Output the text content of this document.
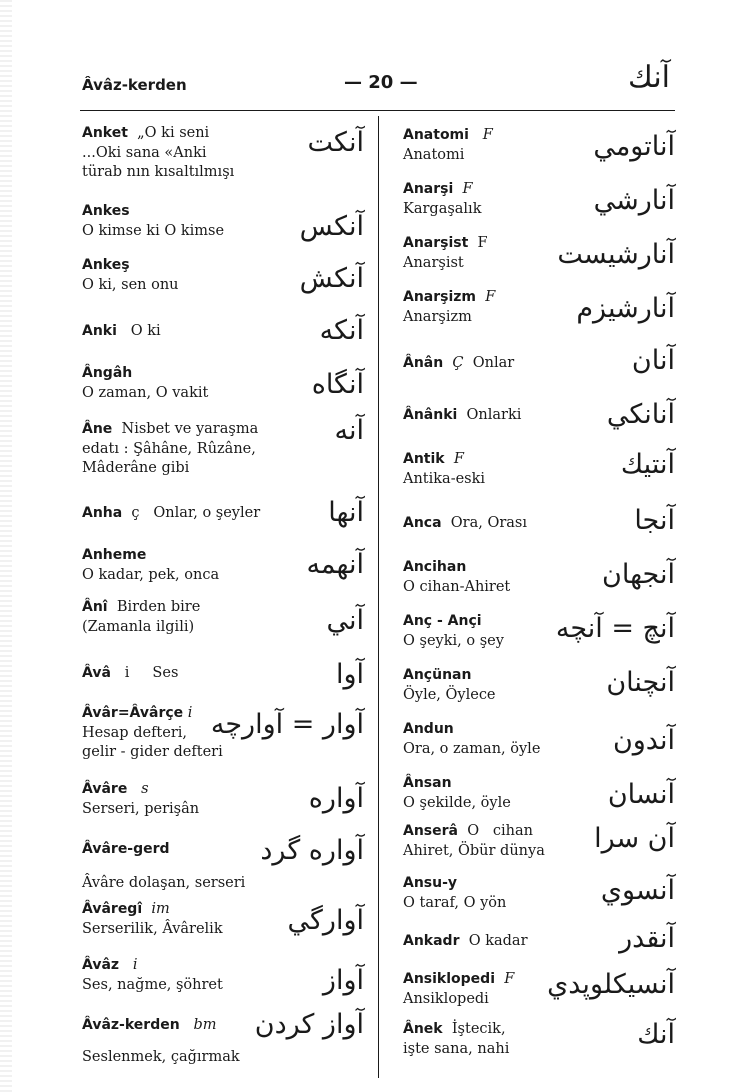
Âvâz-kerden	— 20 —	آنك
Anket  „O ki seni
...Oki sana «Anki
türab nın kısaltılmışı
آنكت
Ankes
O kimse ki O kimse	آنكس
Ankeş
O ki, sen onu	آنكش
Anki   O ki	آنكه
Ângâh
O zaman, O vakit	آنگاه
Âne  Nisbet ve yaraşma
edatı : Şâhâne, Rûzâne,
Mâderâne gibi
آنه
Anha  ç   Onlar, o şeyler	آنها
Anheme
O kadar, pek, onca	آنهمه
Ânî  Birden bire
(Zamanla ilgili)	آني
Âvâ   i     Ses	آوا
Âvâr=Âvârçe i
Hesap defteri,
gelir - gider defteri
آوار = آوارچه
Âvâre   s
Serseri, perişân	آواره
Âvâre-gerd	آواره گرد
Âvâre dolaşan, serseri
Âvâregî  im
Serserilik, Âvârelik	آوارگي
Âvâz   i
Ses, nağme, şöhret	آواز
Âvâz-kerden   bm	آواز كردن
Seslenmek, çağırmak
Anatomi   F
Anatomi	آناتومي
Anarşi  F
Kargaşalık	آنارشي
Anarşist  F
Anarşist	آنارشيست
Anarşizm  F
Anarşizm	آنارشيزم
Ânân  Ç  Onlar	آنان
Ânânki  Onlarki	آنانكي
Antik  F
Antika-eski	آنتيك
Anca  Ora, Orası	آنجا
Ancihan
O cihan-Ahiret	آنجهان
Anç - Ançi
O şeyki, o şey	آنچ = آنچه
Ançünan
Öyle, Öylece	آنچنان
Andun
Ora, o zaman, öyle	آندون
Ânsan
O şekilde, öyle	آنسان
Anserâ  O   cihan
Ahiret, Öbür dünya	آن سرا
Ansu-y
O taraf, O yön	آنسوي
Ankadr  O kadar	آنقدر
Ansiklopedi  F
Ansiklopedi	آنسيكلوپدي
Ânek  İştecik,
işte sana, nahi	آنك
